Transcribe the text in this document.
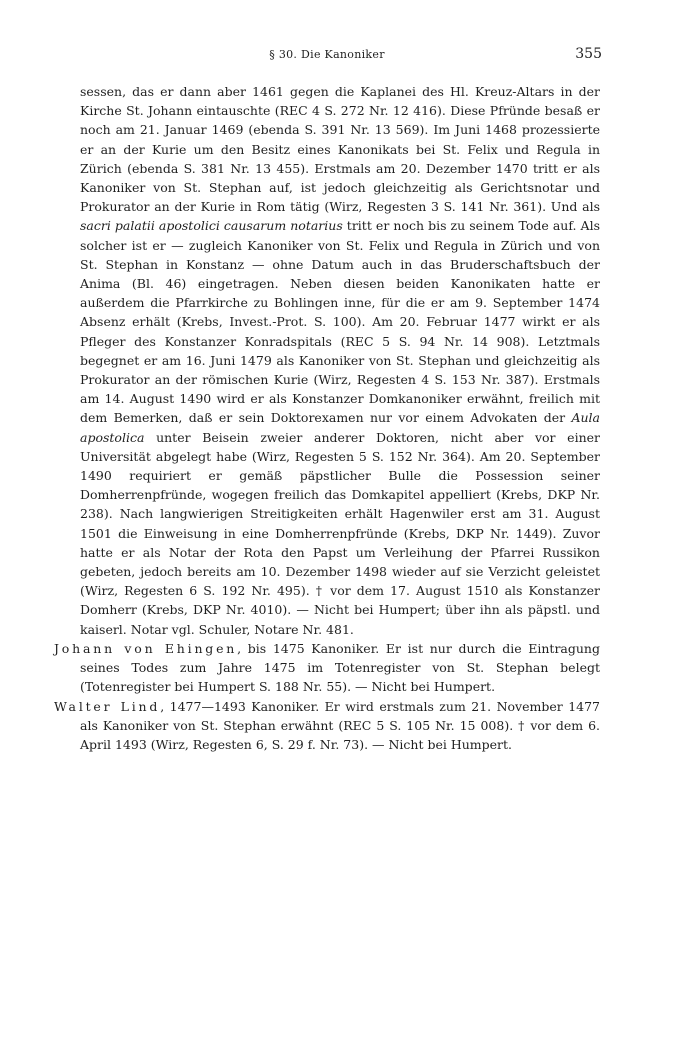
§ 30. Die Kanoniker	355

sessen, das er dann aber 1461 gegen die Kaplanei des Hl. Kreuz-Altars in der Kirche St. Johann eintauschte (REC 4 S. 272 Nr. 12 416). Diese Pfründe besaß er noch am 21. Januar 1469 (ebenda S. 391 Nr. 13 569). Im Juni 1468 prozessierte er an der Kurie um den Besitz eines Kanonikats bei St. Felix und Regula in Zürich (ebenda S. 381 Nr. 13 455). Erstmals am 20. Dezember 1470 tritt er als Kanoniker von St. Stephan auf, ist jedoch gleichzeitig als Gerichtsnotar und Prokurator an der Kurie in Rom tätig (Wirz, Regesten 3 S. 141 Nr. 361). Und als sacri palatii apostolici causarum notarius tritt er noch bis zu seinem Tode auf. Als solcher ist er — zugleich Kanoniker von St. Felix und Regula in Zürich und von St. Stephan in Konstanz — ohne Datum auch in das Bruderschaftsbuch der Anima (Bl. 46) eingetragen. Neben diesen beiden Kanonikaten hatte er außerdem die Pfarrkirche zu Bohlingen inne, für die er am 9. September 1474 Absenz erhält (Krebs, Invest.-Prot. S. 100). Am 20. Februar 1477 wirkt er als Pfleger des Konstanzer Konradspitals (REC 5 S. 94 Nr. 14 908). Letztmals begegnet er am 16. Juni 1479 als Kanoniker von St. Stephan und gleichzeitig als Prokurator an der römischen Kurie (Wirz, Regesten 4 S. 153 Nr. 387). Erstmals am 14. August 1490 wird er als Konstanzer Domkanoniker erwähnt, freilich mit dem Bemerken, daß er sein Doktorexamen nur vor einem Advokaten der Aula apostolica unter Beisein zweier anderer Doktoren, nicht aber vor einer Universität abgelegt habe (Wirz, Regesten 5 S. 152 Nr. 364). Am 20. September 1490 requiriert er gemäß päpstlicher Bulle die Possession seiner Domherrenpfründe, wogegen freilich das Domkapitel appelliert (Krebs, DKP Nr. 238). Nach langwierigen Streitigkeiten erhält Hagenwiler erst am 31. August 1501 die Einweisung in eine Domherrenpfründe (Krebs, DKP Nr. 1449). Zuvor hatte er als Notar der Rota den Papst um Verleihung der Pfarrei Russikon gebeten, jedoch bereits am 10. Dezember 1498 wieder auf sie Verzicht geleistet (Wirz, Regesten 6 S. 192 Nr. 495). † vor dem 17. August 1510 als Konstanzer Domherr (Krebs, DKP Nr. 4010). — Nicht bei Humpert; über ihn als päpstl. und kaiserl. Notar vgl. Schuler, Notare Nr. 481.

Johann von Ehingen, bis 1475 Kanoniker. Er ist nur durch die Eintragung seines Todes zum Jahre 1475 im Totenregister von St. Stephan belegt (Totenregister bei Humpert S. 188 Nr. 55). — Nicht bei Humpert.

Walter Lind, 1477—1493 Kanoniker. Er wird erstmals zum 21. November 1477 als Kanoniker von St. Stephan erwähnt (REC 5 S. 105 Nr. 15 008). † vor dem 6. April 1493 (Wirz, Regesten 6, S. 29 f. Nr. 73). — Nicht bei Humpert.
